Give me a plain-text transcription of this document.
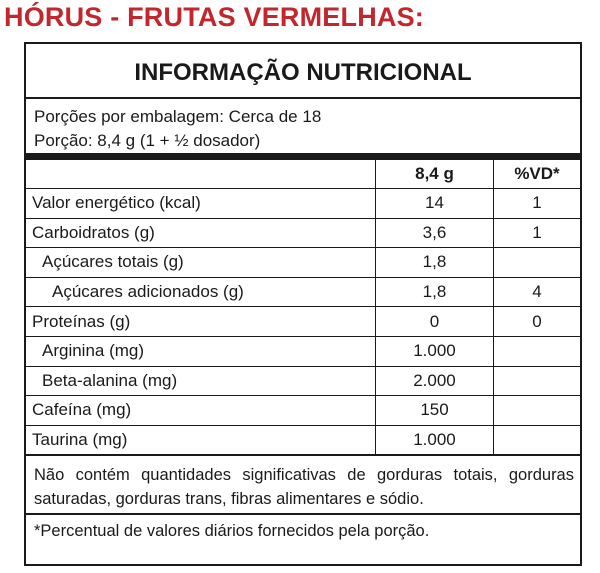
HÓRUS - FRUTAS VERMELHAS:
INFORMAÇÃO NUTRICIONAL
Porções por embalagem: Cerca de 18
Porção: 8,4 g (1 + ½ dosador)
	8,4 g	%VD*
Valor energético (kcal)	14	1
Carboidratos (g)	3,6	1
Açúcares totais (g)	1,8	
Açúcares adicionados (g)	1,8	4
Proteínas (g)	0	0
Arginina (mg)	1.000	
Beta-alanina (mg)	2.000	
Cafeína (mg)	150	
Taurina (mg)	1.000	
Não contém quantidades significativas de gorduras totais, gorduras saturadas, gorduras trans, fibras alimentares e sódio.
*Percentual de valores diários fornecidos pela porção.
